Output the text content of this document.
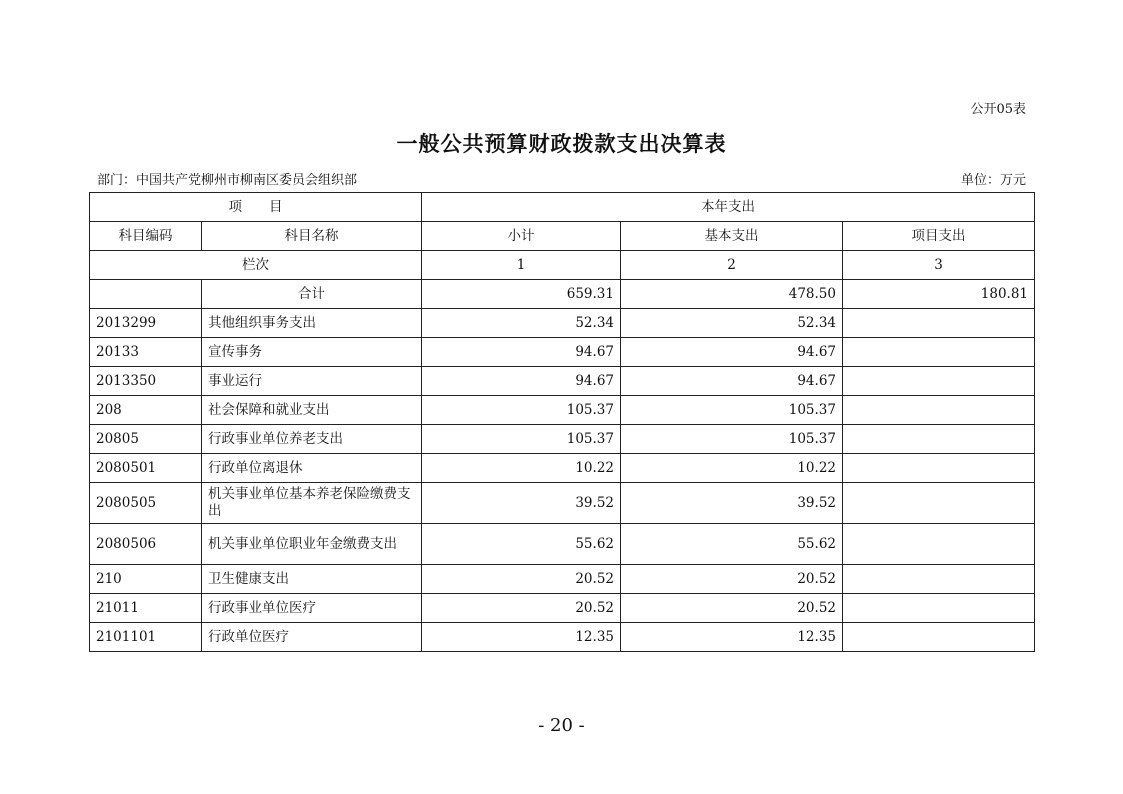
公开05表
一般公共预算财政拨款支出决算表
部门：中国共产党柳州市柳南区委员会组织部	单位：万元
项　　目		本年支出		
科目编码	科目名称	小计	基本支出	项目支出
栏次		1	2	3
	合计	659.31	478.50	180.81
2013299	其他组织事务支出	52.34	52.34	
20133	宣传事务	94.67	94.67	
2013350	事业运行	94.67	94.67	
208	社会保障和就业支出	105.37	105.37	
20805	行政事业单位养老支出	105.37	105.37	
2080501	行政单位离退休	10.22	10.22	
2080505	机关事业单位基本养老保险缴费支出	39.52	39.52	
2080506	机关事业单位职业年金缴费支出	55.62	55.62	
210	卫生健康支出	20.52	20.52	
21011	行政事业单位医疗	20.52	20.52	
2101101	行政单位医疗	12.35	12.35	
- 20 -
